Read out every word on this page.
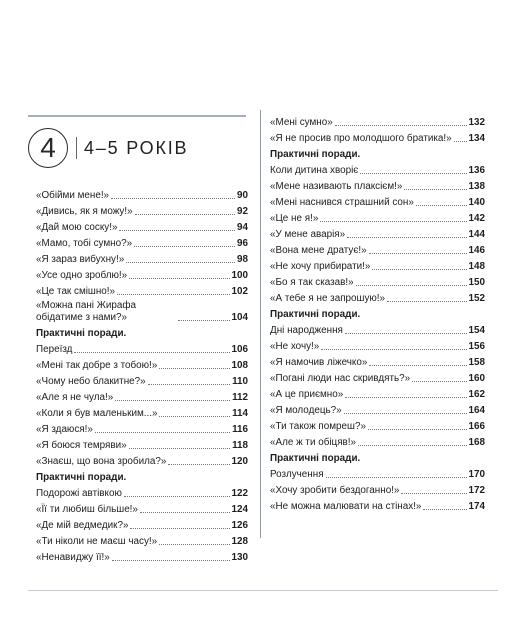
4	4–5 РОКІВ
«Обійми мене!»	90
«Дивись, як я можу!»	92
«Дай мою соску!»	94
«Мамо, тобі сумно?»	96
«Я зараз вибухну!»	98
«Усе одно зроблю!»	100
«Це так смішно!»	102
«Можна пані Жирафа обідатиме з нами?»	104
Практичні поради.
Переїзд	106
«Мені так добре з тобою!»	108
«Чому небо блакитне?»	110
«Але я не чула!»	112
«Коли я був маленьким...»	114
«Я здаюся!»	116
«Я боюся темряви»	118
«Знаєш, що вона зробила?»	120
Практичні поради.
Подорожі автівкою	122
«Її ти любиш більше!»	124
«Де мій ведмедик?»	126
«Ти ніколи не маєш часу!»	128
«Ненавиджу її!»	130
«Мені сумно»	132
«Я не просив про молодшого братика!» 134
Практичні поради.
Коли дитина хворіє	136
«Мене називають плаксієм!»	138
«Мені наснився страшний сон»	140
«Це не я!»	142
«У мене аварія»	144
«Вона мене дратує!»	146
«Не хочу прибирати!»	148
«Бо я так сказав!»	150
«А тебе я не запрошую!»	152
Практичні поради.
Дні народження	154
«Не хочу!»	156
«Я намочив ліжечко»	158
«Погані люди нас скривдять?»	160
«А це приємно»	162
«Я молодець?»	164
«Ти також помреш?»	166
«Але ж ти обіцяв!»	168
Практичні поради.
Розлучення	170
«Хочу зробити бездоганно!»	172
«Не можна малювати на стінах!»	174
